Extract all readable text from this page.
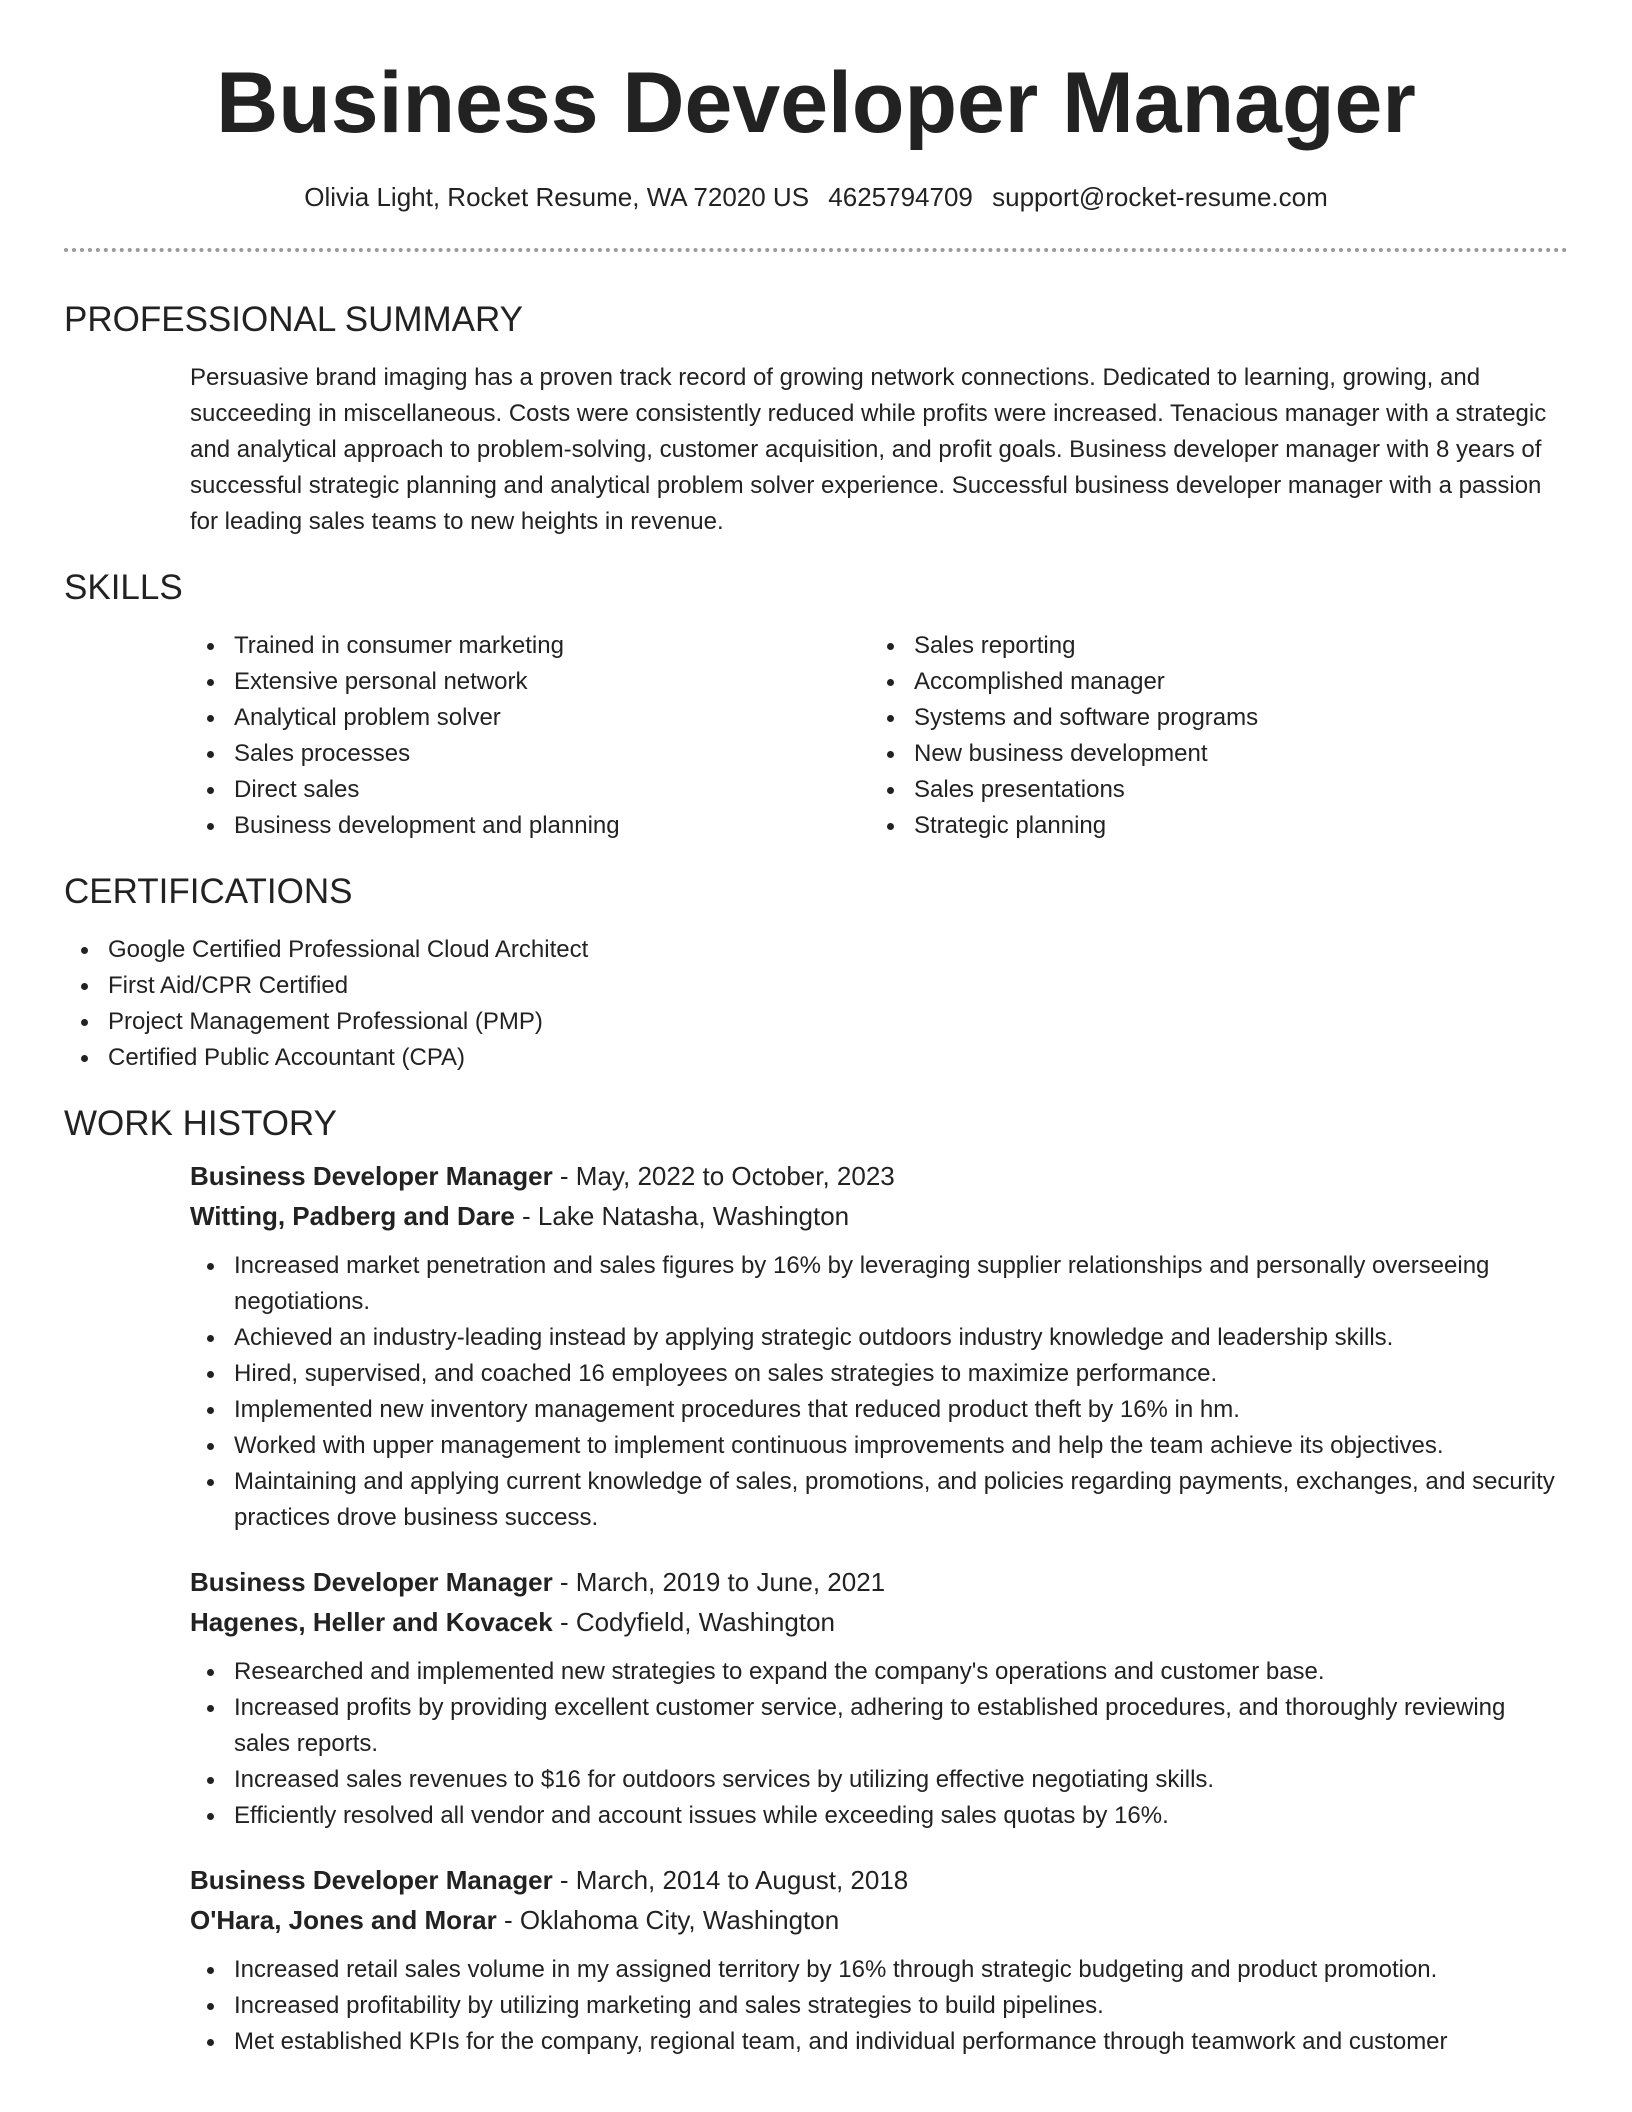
Business Developer Manager
Olivia Light, Rocket Resume, WA 72020 US 4625794709 support@rocket-resume.com
PROFESSIONAL SUMMARY

Persuasive brand imaging has a proven track record of growing network connections. Dedicated to learning, growing, and succeeding in miscellaneous. Costs were consistently reduced while profits were increased. Tenacious manager with a strategic and analytical approach to problem-solving, customer acquisition, and profit goals. Business developer manager with 8 years of successful strategic planning and analytical problem solver experience. Successful business developer manager with a passion for leading sales teams to new heights in revenue.

SKILLS
Trained in consumer marketing
Extensive personal network
Analytical problem solver
Sales processes
Direct sales
Business development and planning
Sales reporting
Accomplished manager
Systems and software programs
New business development
Sales presentations
Strategic planning
CERTIFICATIONS
Google Certified Professional Cloud Architect
First Aid/CPR Certified
Project Management Professional (PMP)
Certified Public Accountant (CPA)
WORK HISTORY
Business Developer Manager - May, 2022 to October, 2023
Witting, Padberg and Dare - Lake Natasha, Washington
Increased market penetration and sales figures by 16% by leveraging supplier relationships and personally overseeing negotiations.
Achieved an industry-leading instead by applying strategic outdoors industry knowledge and leadership skills.
Hired, supervised, and coached 16 employees on sales strategies to maximize performance.
Implemented new inventory management procedures that reduced product theft by 16% in hm.
Worked with upper management to implement continuous improvements and help the team achieve its objectives.
Maintaining and applying current knowledge of sales, promotions, and policies regarding payments, exchanges, and security practices drove business success.
Business Developer Manager - March, 2019 to June, 2021
Hagenes, Heller and Kovacek - Codyfield, Washington
Researched and implemented new strategies to expand the company's operations and customer base.
Increased profits by providing excellent customer service, adhering to established procedures, and thoroughly reviewing sales reports.
Increased sales revenues to $16 for outdoors services by utilizing effective negotiating skills.
Efficiently resolved all vendor and account issues while exceeding sales quotas by 16%.
Business Developer Manager - March, 2014 to August, 2018
O'Hara, Jones and Morar - Oklahoma City, Washington
Increased retail sales volume in my assigned territory by 16% through strategic budgeting and product promotion.
Increased profitability by utilizing marketing and sales strategies to build pipelines.
Met established KPIs for the company, regional team, and individual performance through teamwork and customer
